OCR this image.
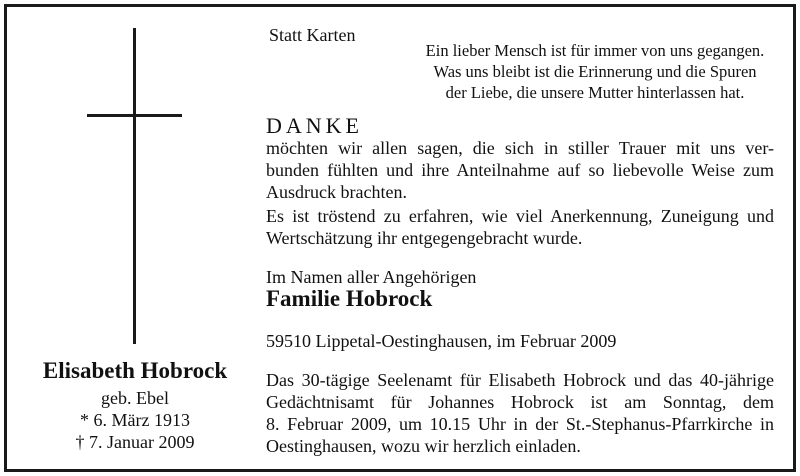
Elisabeth Hobrock
geb. Ebel
* 6. März 1913
† 7. Januar 2009
Statt Karten
Ein lieber Mensch ist für immer von uns gegangen.
Was uns bleibt ist die Erinnerung und die Spuren
der Liebe, die unsere Mutter hinterlassen hat.
DANKE
möchten wir allen sagen, die sich in stiller Trauer mit uns ver-
bunden fühlten und ihre Anteilnahme auf so liebevolle Weise zum
Ausdruck brachten.
Es ist tröstend zu erfahren, wie viel Anerkennung, Zuneigung und
Wertschätzung ihr entgegengebracht wurde.
Im Namen aller Angehörigen
Familie Hobrock
59510 Lippetal-Oestinghausen, im Februar 2009
Das 30-tägige Seelenamt für Elisabeth Hobrock und das 40-jährige
Gedächtnisamt für Johannes Hobrock ist am Sonntag, dem
8. Februar 2009, um 10.15 Uhr in der St.-Stephanus-Pfarrkirche in
Oestinghausen, wozu wir herzlich einladen.
